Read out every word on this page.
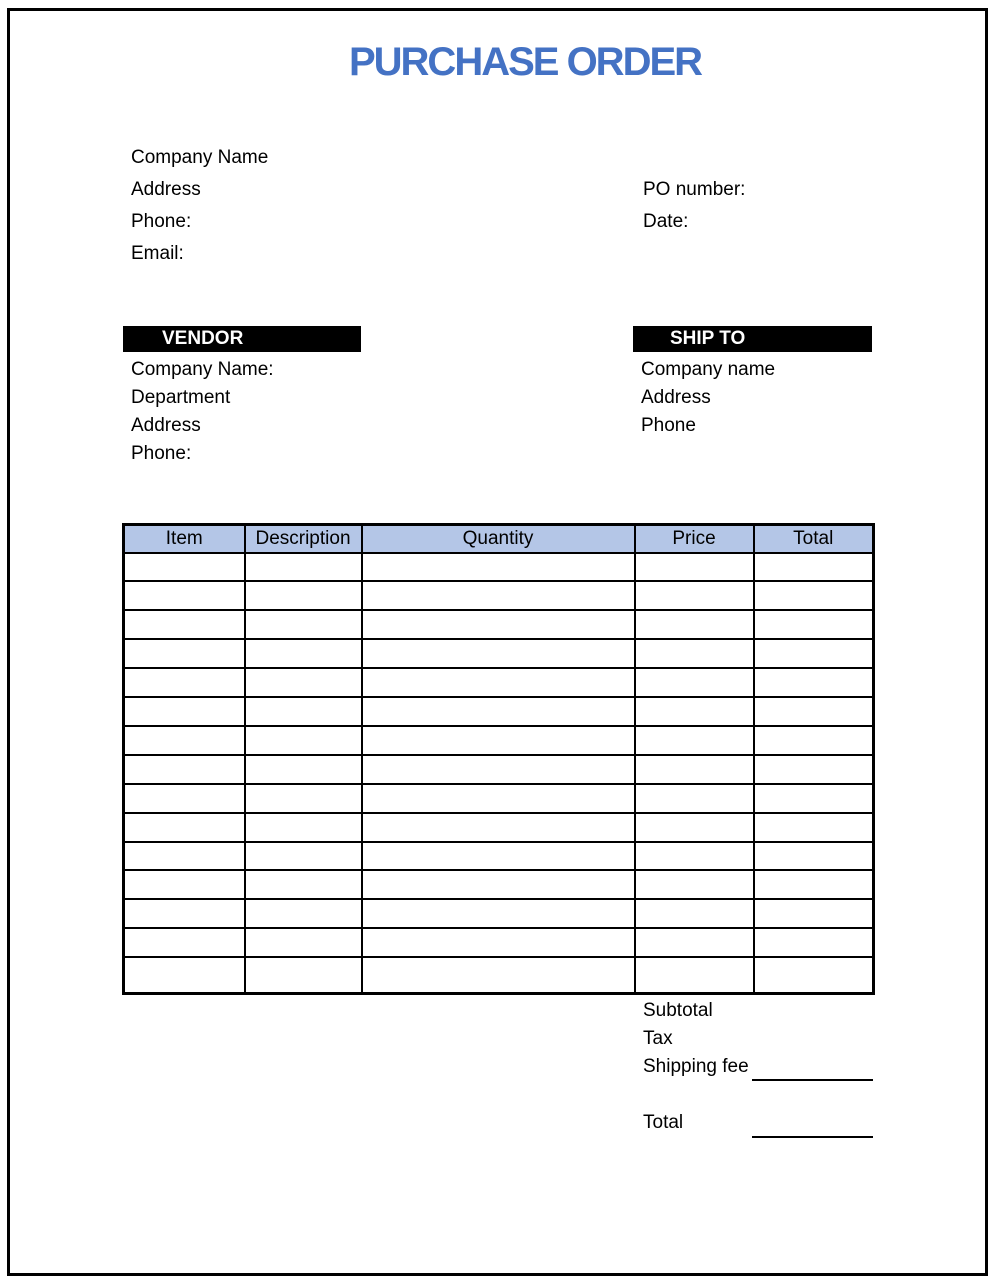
PURCHASE ORDER
Company Name
Address
Phone:
Email:
PO number:
Date:
VENDOR
Company Name:
Department
Address
Phone:
SHIP TO
Company name
Address
Phone
Item	Description	Quantity	Price	Total

Subtotal
Tax
Shipping fee
Total
